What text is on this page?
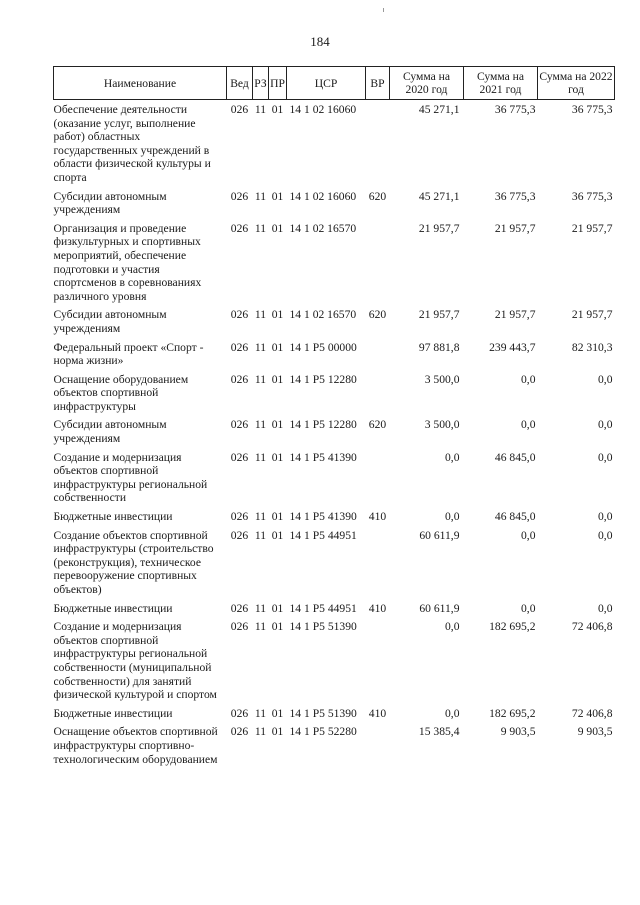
184
Наименование	Вед	РЗ	ПР	ЦСР	ВР	Сумма на 2020 год	Сумма на 2021 год	Сумма на 2022 год
Обеспечение деятельности (оказание услуг, выполнение работ) областных государственных учреждений в области физической культуры и спорта	026	11	01	14 1 02 16060		45 271,1	36 775,3	36 775,3
Субсидии автономным учреждениям	026	11	01	14 1 02 16060	620	45 271,1	36 775,3	36 775,3
Организация и проведение физкультурных и спортивных мероприятий, обеспечение подготовки и участия спортсменов в соревнованиях различного уровня	026	11	01	14 1 02 16570		21 957,7	21 957,7	21 957,7
Субсидии автономным учреждениям	026	11	01	14 1 02 16570	620	21 957,7	21 957,7	21 957,7
Федеральный проект «Спорт - норма жизни»	026	11	01	14 1 P5 00000		97 881,8	239 443,7	82 310,3
Оснащение оборудованием объектов спортивной инфраструктуры	026	11	01	14 1 P5 12280		3 500,0	0,0	0,0
Субсидии автономным учреждениям	026	11	01	14 1 P5 12280	620	3 500,0	0,0	0,0
Создание и модернизация объектов спортивной инфраструктуры региональной собственности	026	11	01	14 1 P5 41390		0,0	46 845,0	0,0
Бюджетные инвестиции	026	11	01	14 1 P5 41390	410	0,0	46 845,0	0,0
Создание объектов спортивной инфраструктуры (строительство (реконструкция), техническое перевооружение спортивных объектов)	026	11	01	14 1 P5 44951		60 611,9	0,0	0,0
Бюджетные инвестиции	026	11	01	14 1 P5 44951	410	60 611,9	0,0	0,0
Создание и модернизация объектов спортивной инфраструктуры региональной собственности (муниципальной собственности) для занятий физической культурой и спортом	026	11	01	14 1 P5 51390		0,0	182 695,2	72 406,8
Бюджетные инвестиции	026	11	01	14 1 P5 51390	410	0,0	182 695,2	72 406,8
Оснащение объектов спортивной инфраструктуры спортивно-технологическим оборудованием	026	11	01	14 1 P5 52280		15 385,4	9 903,5	9 903,5
